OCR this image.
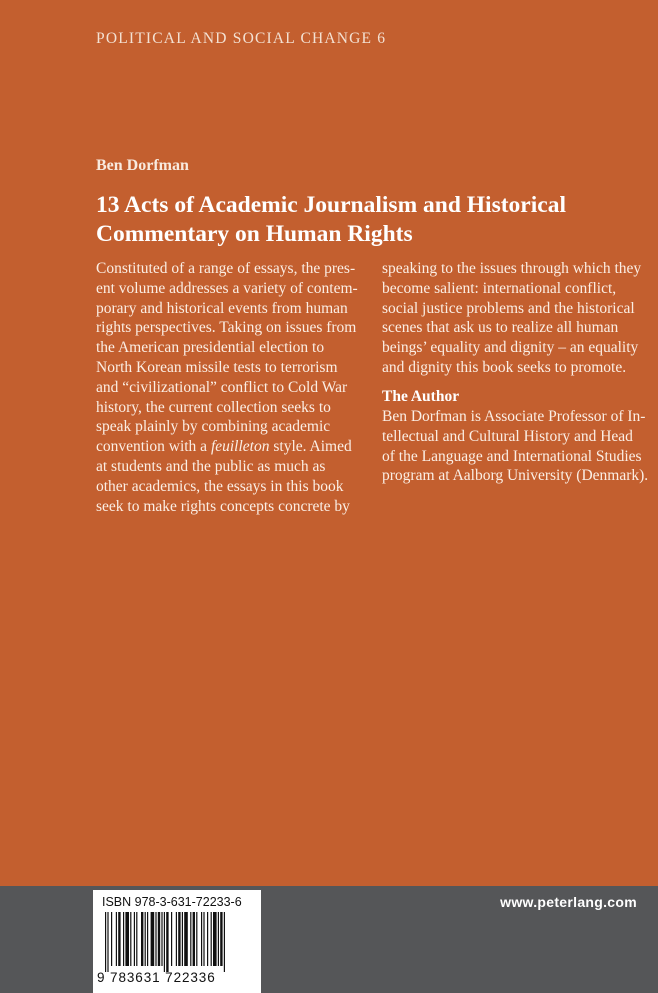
POLITICAL AND SOCIAL CHANGE 6
Ben Dorfman
13 Acts of Academic Journalism and Historical
Commentary on Human Rights
Constituted of a range of essays, the pres-
ent volume addresses a variety of contem-
porary and historical events from human
rights perspectives. Taking on issues from
the American presidential election to
North Korean missile tests to terrorism
and “civilizational” conflict to Cold War
history, the current collection seeks to
speak plainly by combining academic
convention with a feuilleton style. Aimed
at students and the public as much as
other academics, the essays in this book
seek to make rights concepts concrete by
speaking to the issues through which they
become salient: international conflict,
social justice problems and the historical
scenes that ask us to realize all human
beings’ equality and dignity – an equality
and dignity this book seeks to promote.
The Author
Ben Dorfman is Associate Professor of In-
tellectual and Cultural History and Head
of the Language and International Studies
program at Aalborg University (Denmark).
www.peterlang.com
ISBN 978-3-631-72233-6
9 783631 722336
